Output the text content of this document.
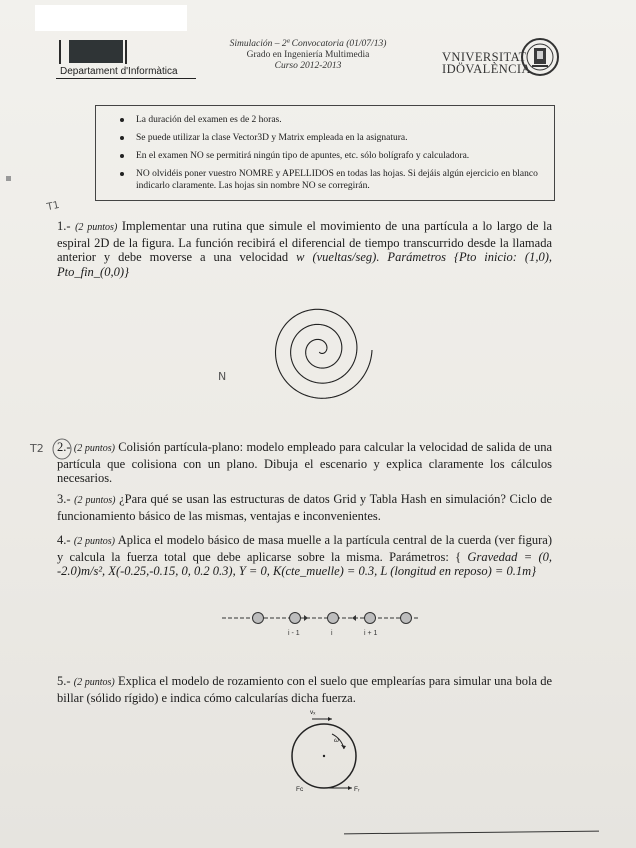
Departament d'Informàtica
Simulación – 2ª Convocatoria (01/07/13)
Grado en Ingeniería Multimedia
Curso 2012-2013
VNIVERSITAT
IDÖVALÈNCIA
La duración del examen es de 2 horas.
Se puede utilizar la clase Vector3D y Matrix empleada en la asignatura.
En el examen NO se permitirá ningún tipo de apuntes, etc. sólo bolígrafo y calculadora.
NO olvidéis poner vuestro NOMRE y APELLIDOS en todas las hojas. Si dejáis algún ejercicio en blanco indicarlo claramente. Las hojas sin nombre NO se corregirán.
T1
N
T2
1.- (2 puntos) Implementar una rutina que simule el movimiento de una partícula a lo largo de la espiral 2D de la figura. La función recibirá el diferencial de tiempo transcurrido desde la llamada anterior y debe moverse a una velocidad w (vueltas/seg). Parámetros {Pto inicio: (1,0), Pto_fin_(0,0)}
2.- (2 puntos) Colisión partícula-plano: modelo empleado para calcular la velocidad de salida de una partícula que colisiona con un plano. Dibuja el escenario y explica claramente los cálculos necesarios.
3.- (2 puntos) ¿Para qué se usan las estructuras de datos Grid y Tabla Hash en simulación? Ciclo de funcionamiento básico de las mismas, ventajas e inconvenientes.
4.- (2 puntos) Aplica el modelo básico de masa muelle a la partícula central de la cuerda (ver figura) y calcula la fuerza total que debe aplicarse sobre la misma. Parámetros: { Gravedad = (0, -2.0)m/s², X(-0.25,-0.15, 0, 0.2 0.3), Y = 0, K(cte_muelle) = 0.3, L (longitud en reposo) = 0.1m}
i - 1	i	i + 1
5.- (2 puntos) Explica el modelo de rozamiento con el suelo que emplearías para simular una bola de billar (sólido rígido) e indica cómo calcularías dicha fuerza.
vₓ
ω
Fᵣ
Fc
